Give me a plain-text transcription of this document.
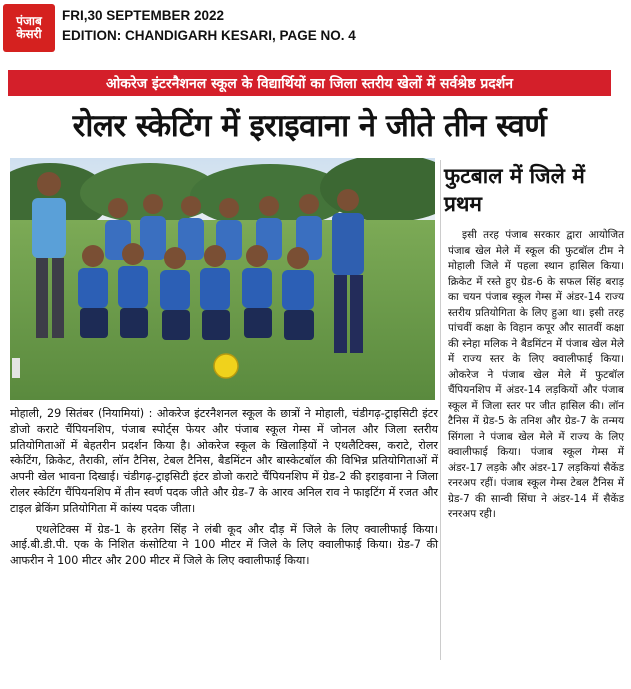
पंजाब
केसरी
FRI,30 SEPTEMBER 2022
EDITION: CHANDIGARH KESARI, PAGE NO. 4
ओकरेज इंटरनैशनल स्कूल के विद्यार्थियों का जिला स्तरीय खेलों में सर्वश्रेष्ठ प्रदर्शन
रोलर स्केटिंग में इराइवाना ने जीते तीन स्वर्ण

मोहाली, 29 सितंबर (नियामियां) : ओकरेज इंटरनैशनल स्कूल के छात्रों ने मोहाली, चंडीगढ़-ट्राइसिटी इंटर डोजो कराटे चैंपियनशिप, पंजाब स्पोर्ट्स फेयर और पंजाब स्कूल गेम्स में जोनल और जिला स्तरीय प्रतियोगिताओं में बेहतरीन प्रदर्शन किया है। ओकरेज स्कूल के खिलाड़ियों ने एथलैटिक्स, कराटे, रोलर स्केटिंग, क्रिकेट, तैराकी, लॉन टैनिस, टेबल टैनिस, बैडमिंटन और बास्केटबॉल की विभिन्न प्रतियोगिताओं में अपनी खेल भावना दिखाई। चंडीगढ़-ट्राइसिटी इंटर डोजो कराटे चैंपियनशिप में ग्रेड-2 की इराइवाना ने जिला रोलर स्केटिंग चैंपियनशिप में तीन स्वर्ण पदक जीते और ग्रेड-7 के आरव अनिल राव ने फाइटिंग में रजत और टाइल ब्रेकिंग प्रतियोगिता में कांस्य पदक जीता।

एथलेटिक्स में ग्रेड-1 के हरतेग सिंह ने लंबी कूद और दौड़ में जिले के लिए क्वालीफाई किया। आई.बी.डी.पी. एक के निशित कंसोटिया ने 100 मीटर में जिले के लिए क्वालीफाई किया। ग्रेड-7 की आफरीन ने 100 मीटर और 200 मीटर में जिले के लिए क्वालीफाई किया।

फुटबाल में जिले में प्रथम

इसी तरह पंजाब सरकार द्वारा आयोजित पंजाब खेल मेले में स्कूल की फुटबॉल टीम ने मोहाली जिले में पहला स्थान हासिल किया। क्रिकेट में रस्ते हुए ग्रेड-6 के सफल सिंह बराड़ का चयन पंजाब स्कूल गेम्स में अंडर-14 राज्य स्तरीय प्रतियोगिता के लिए हुआ था। इसी तरह पांचवीं कक्षा के विहान कपूर और सातवीं कक्षा की स्नेहा मलिक ने बैडमिंटन में पंजाब खेल मेले में राज्य स्तर के लिए क्वालीफाई किया। ओकरेज ने पंजाब खेल मेले में फुटबॉल चैंपियनशिप में अंडर-14 लड़कियों और पंजाब स्कूल में जिला स्तर पर जीत हासिल की। लॉन टैनिस में ग्रेड-5 के तनिश और ग्रेड-7 के तन्मय सिंगला ने पंजाब खेल मेले में राज्य के लिए क्वालीफाई किया। पंजाब स्कूल गेम्स में अंडर-17 लड़के और अंडर-17 लड़कियां सैकेंड रनरअप रहीं। पंजाब स्कूल गेम्स टेबल टैनिस में ग्रेड-7 की सान्वी सिंघा ने अंडर-14 में सैकेंड रनरअप रही।
